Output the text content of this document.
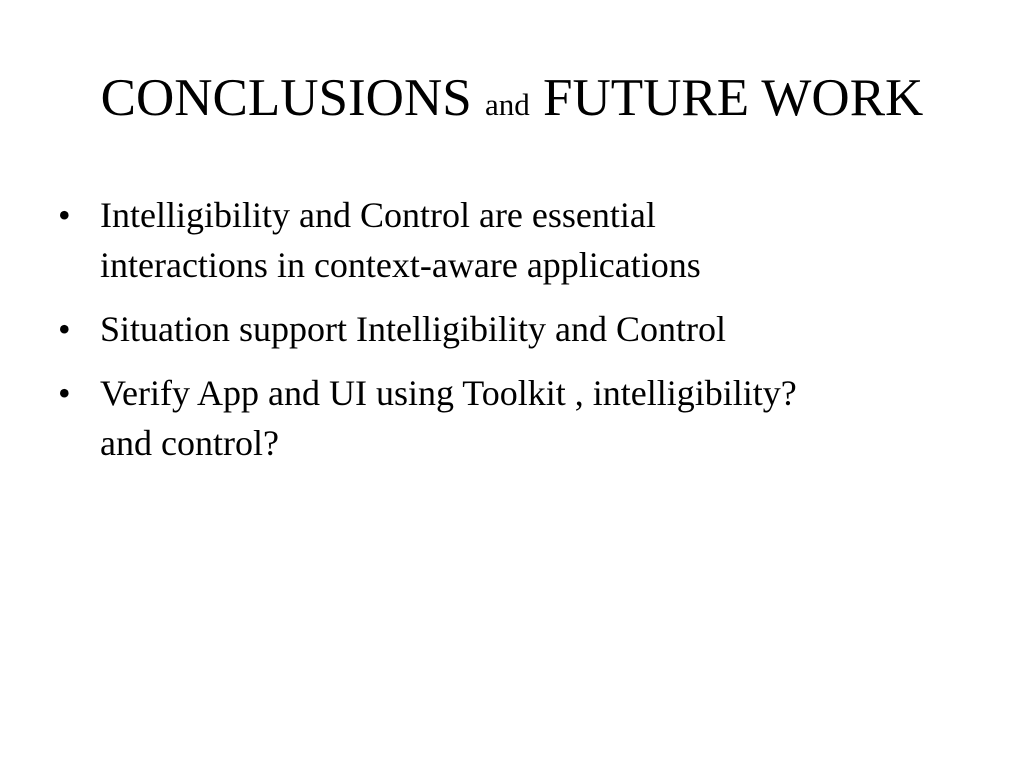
CONCLUSIONS and FUTURE WORK
• Intelligibility and Control are essential
interactions in context-aware applications
• Situation support Intelligibility and Control
• Verify App and UI using Toolkit , intelligibility?
and control?
